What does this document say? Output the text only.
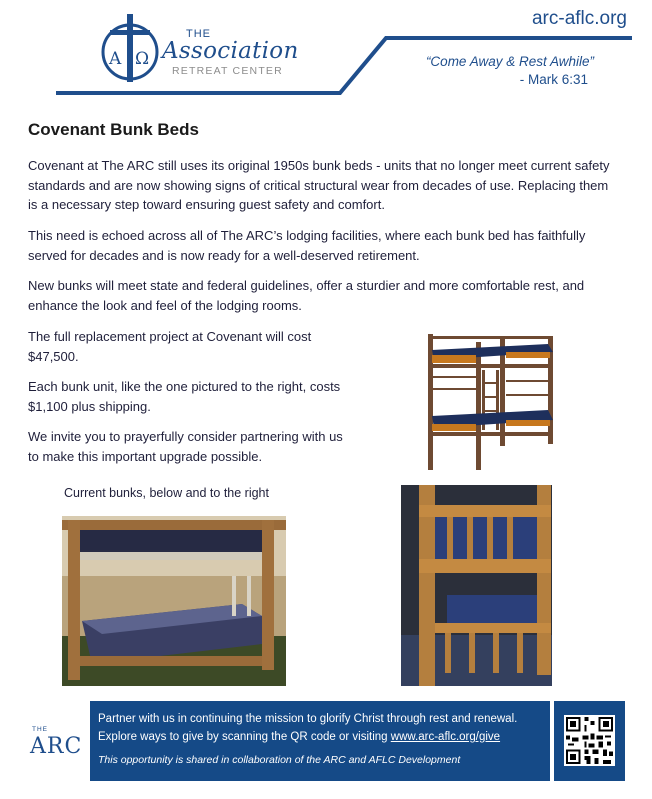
A Ω
THE
Association
RETREAT CENTER
arc-aflc.org
“Come Away & Rest Awhile”
- Mark 6:31
Covenant Bunk Beds

Covenant at The ARC still uses its original 1950s bunk beds - units that no longer meet current safety standards and are now showing signs of critical structural wear from decades of use. Replacing them is a necessary step toward ensuring guest safety and comfort.

This need is echoed across all of The ARC’s lodging facilities, where each bunk bed has faithfully served for decades and is now ready for a well-deserved retirement.

New bunks will meet state and federal guidelines, offer a sturdier and more comfortable rest, and enhance the look and feel of the lodging rooms.

The full replacement project at Covenant will cost $47,500.

Each bunk unit, like the one pictured to the right, costs $1,100 plus shipping.

We invite you to prayerfully consider partnering with us to make this important upgrade possible.

Current bunks, below and to the right
THE
ARC
Partner with us in continuing the mission to glorify Christ through rest and renewal.
Explore ways to give by scanning the QR code or visiting www.arc-aflc.org/give
This opportunity is shared in collaboration of the ARC and AFLC Development
